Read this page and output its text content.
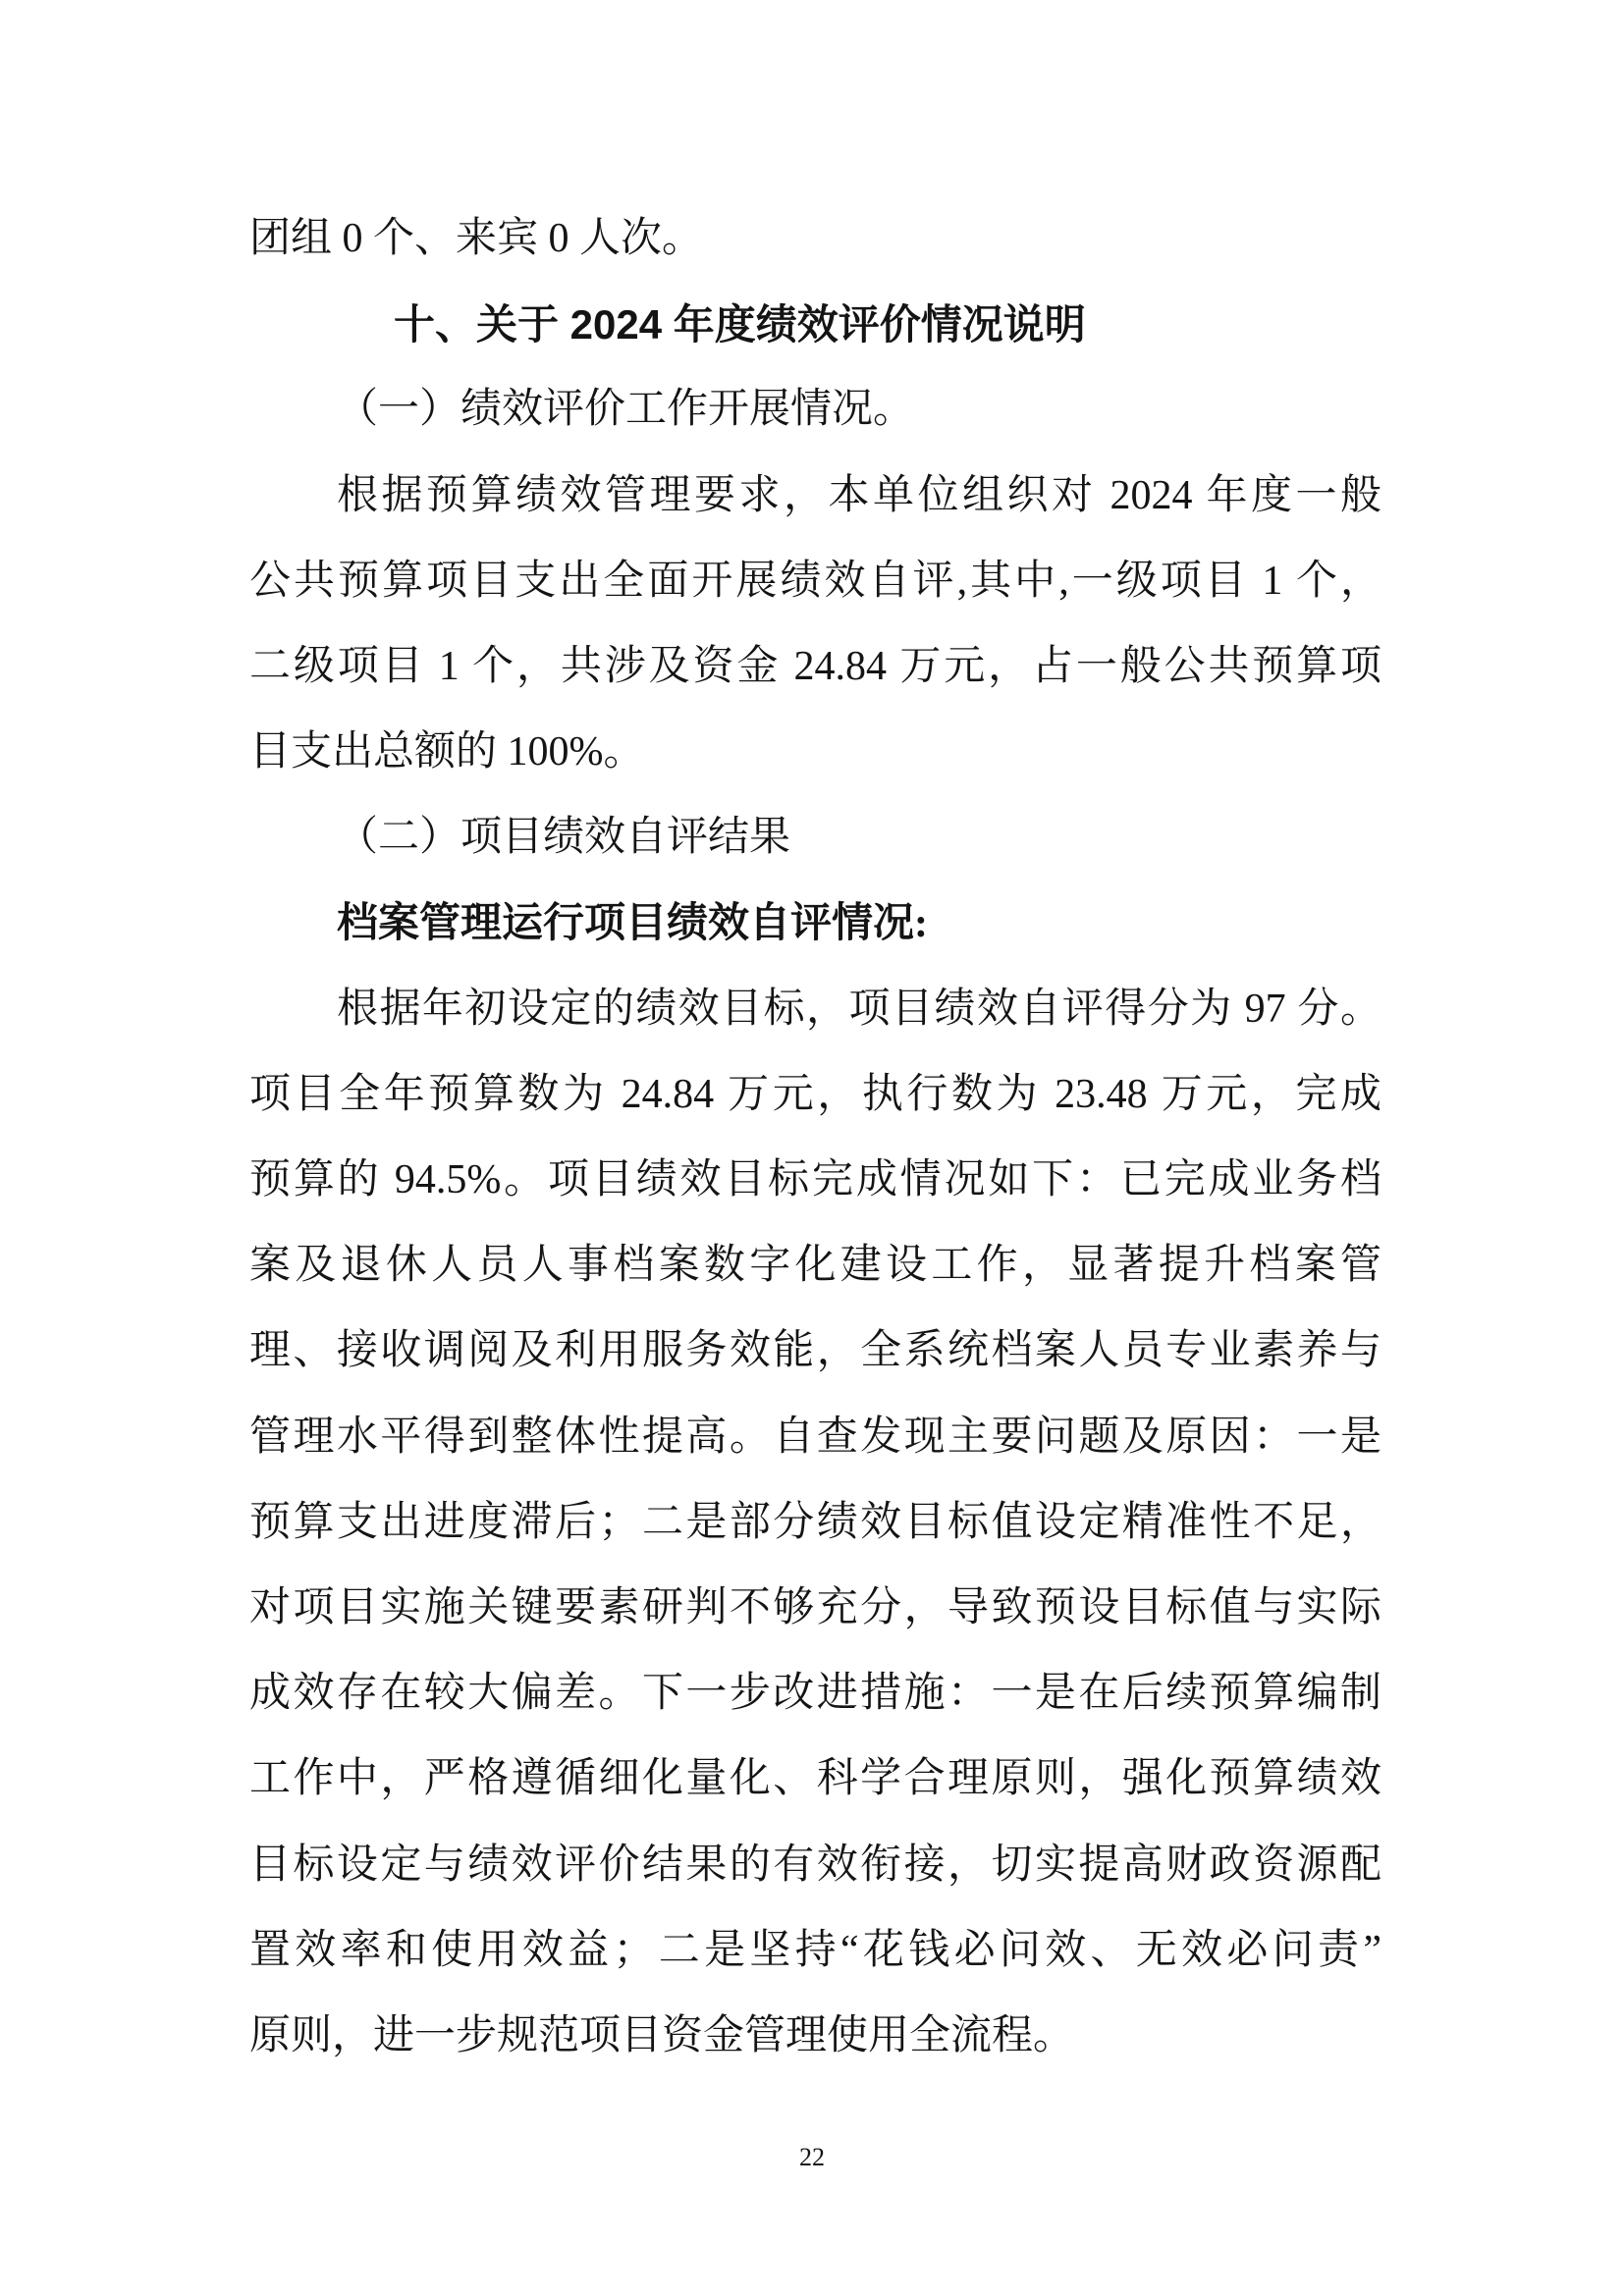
团组 0 个、来宾 0 人次。
十、关于 2024 年度绩效评价情况说明
（一）绩效评价工作开展情况。
根据预算绩效管理要求，本单位组织对 2024 年度一般
公共预算项目支出全面开展绩效自评,其中,一级项目 1 个，
二级项目 1 个，共涉及资金 24.84 万元，占一般公共预算项
目支出总额的 100%。
（二）项目绩效自评结果
档案管理运行项目绩效自评情况:
根据年初设定的绩效目标，项目绩效自评得分为 97 分。
项目全年预算数为 24.84 万元，执行数为 23.48 万元，完成
预算的 94.5%。项目绩效目标完成情况如下：已完成业务档
案及退休人员人事档案数字化建设工作，显著提升档案管
理、接收调阅及利用服务效能，全系统档案人员专业素养与
管理水平得到整体性提高。自查发现主要问题及原因：一是
预算支出进度滞后；二是部分绩效目标值设定精准性不足，
对项目实施关键要素研判不够充分，导致预设目标值与实际
成效存在较大偏差。下一步改进措施：一是在后续预算编制
工作中，严格遵循细化量化、科学合理原则，强化预算绩效
目标设定与绩效评价结果的有效衔接，切实提高财政资源配
置效率和使用效益；二是坚持“花钱必问效、无效必问责”
原则，进一步规范项目资金管理使用全流程。
22
